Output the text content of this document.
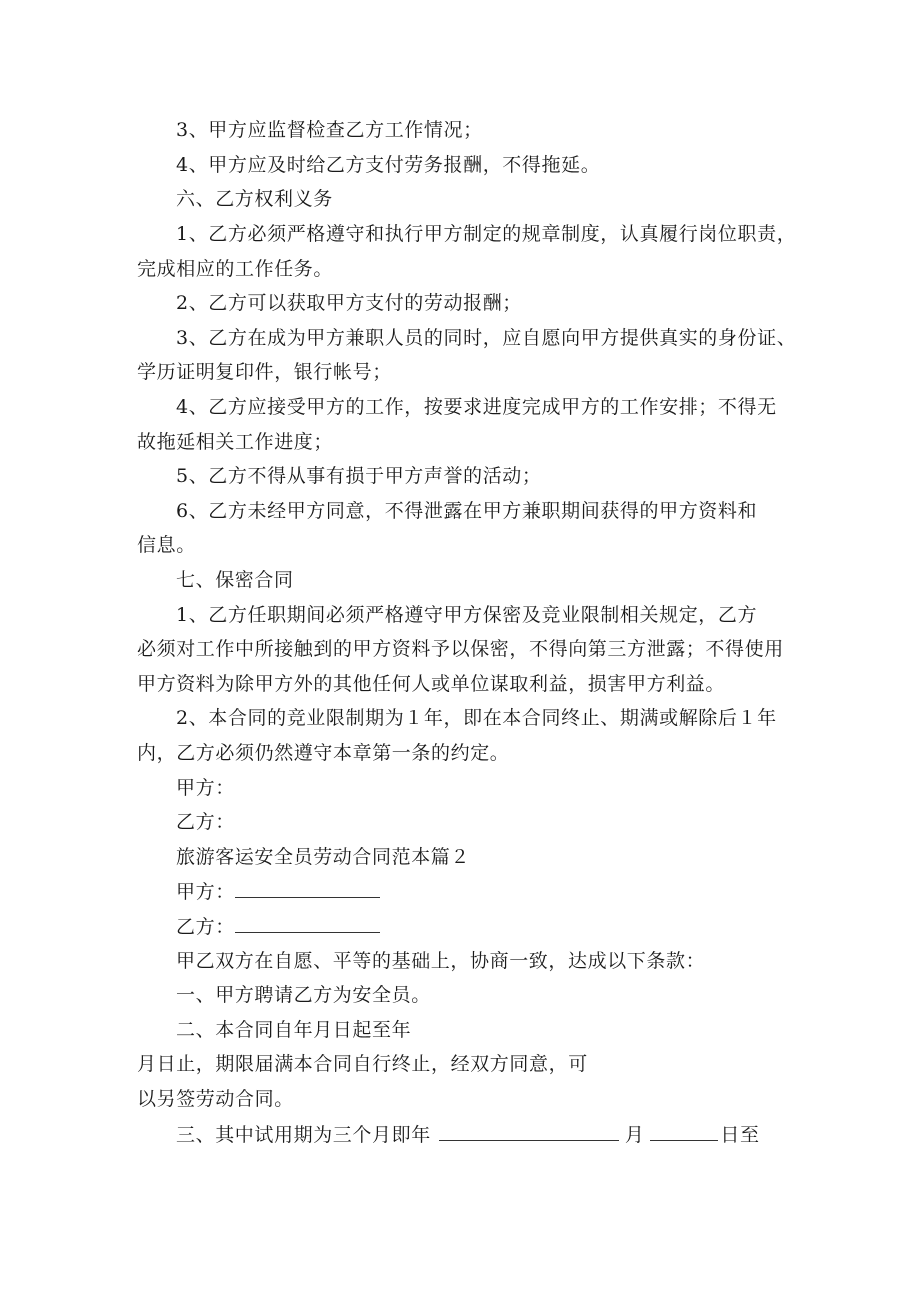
3、甲方应监督检查乙方工作情况；
4、甲方应及时给乙方支付劳务报酬，不得拖延。
六、乙方权利义务
1、乙方必须严格遵守和执行甲方制定的规章制度，认真履行岗位职责，
完成相应的工作任务。
2、乙方可以获取甲方支付的劳动报酬；
3、乙方在成为甲方兼职人员的同时，应自愿向甲方提供真实的身份证、
学历证明复印件，银行帐号；
4、乙方应接受甲方的工作，按要求进度完成甲方的工作安排；不得无
故拖延相关工作进度；
5、乙方不得从事有损于甲方声誉的活动；
6、乙方未经甲方同意，不得泄露在甲方兼职期间获得的甲方资料和
信息。
七、保密合同
1、乙方任职期间必须严格遵守甲方保密及竞业限制相关规定，乙方
必须对工作中所接触到的甲方资料予以保密，不得向第三方泄露；不得使用
甲方资料为除甲方外的其他任何人或单位谋取利益，损害甲方利益。
2、本合同的竞业限制期为１年，即在本合同终止、期满或解除后１年
内，乙方必须仍然遵守本章第一条的约定。
甲方：
乙方：
旅游客运安全员劳动合同范本篇２
甲方：
乙方：
甲乙双方在自愿、平等的基础上，协商一致，达成以下条款：
一、甲方聘请乙方为安全员。
二、本合同自年月日起至年
月日止，期限届满本合同自行终止，经双方同意，可
以另签劳动合同。
三、其中试用期为三个月即年	月	日至
